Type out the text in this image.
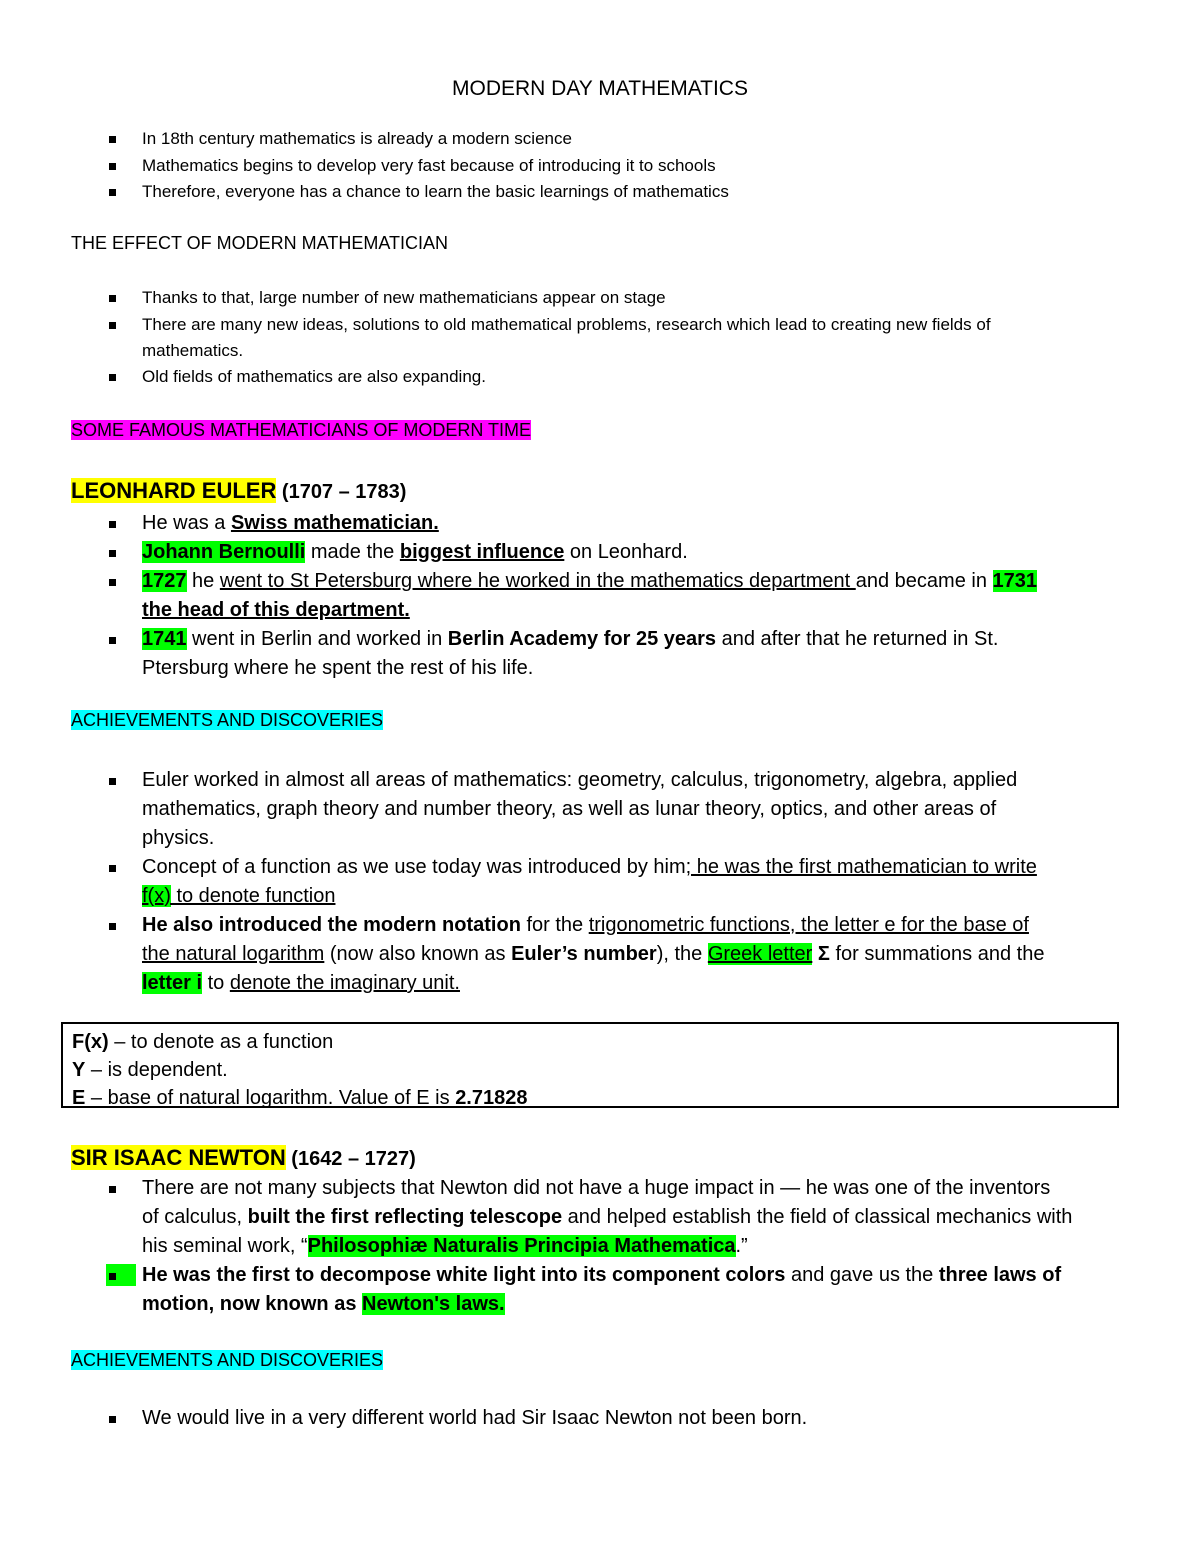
MODERN DAY MATHEMATICS
In 18th century mathematics is already a modern science
Mathematics begins to develop very fast because of introducing it to schools
Therefore, everyone has a chance to learn the basic learnings of mathematics
THE EFFECT OF MODERN MATHEMATICIAN
Thanks to that, large number of new mathematicians appear on stage
There are many new ideas, solutions to old mathematical problems, research which lead to creating new fields of
mathematics.
Old fields of mathematics are also expanding.
SOME FAMOUS MATHEMATICIANS OF MODERN TIME
LEONHARD EULER (1707 – 1783)
He was a Swiss mathematician.
Johann Bernoulli made the biggest influence on Leonhard.
1727 he went to St Petersburg where he worked in the mathematics department and became in 1731
the head of this department.
1741 went in Berlin and worked in Berlin Academy for 25 years and after that he returned in St.
Ptersburg where he spent the rest of his life.
ACHIEVEMENTS AND DISCOVERIES
Euler worked in almost all areas of mathematics: geometry, calculus, trigonometry, algebra, applied
mathematics, graph theory and number theory, as well as lunar theory, optics, and other areas of
physics.
Concept of a function as we use today was introduced by him; he was the first mathematician to write
f(x) to denote function
He also introduced the modern notation for the trigonometric functions, the letter e for the base of
the natural logarithm (now also known as Euler’s number), the Greek letter Σ for summations and the
letter i to denote the imaginary unit.
F(x) – to denote as a function
Y – is dependent.
E – base of natural logarithm. Value of E is 2.71828
SIR ISAAC NEWTON (1642 – 1727)
There are not many subjects that Newton did not have a huge impact in — he was one of the inventors
of calculus, built the first reflecting telescope and helped establish the field of classical mechanics with
his seminal work, “Philosophiæ Naturalis Principia Mathematica.”
He was the first to decompose white light into its component colors and gave us the three laws of
motion, now known as Newton's laws.
ACHIEVEMENTS AND DISCOVERIES
We would live in a very different world had Sir Isaac Newton not been born.
